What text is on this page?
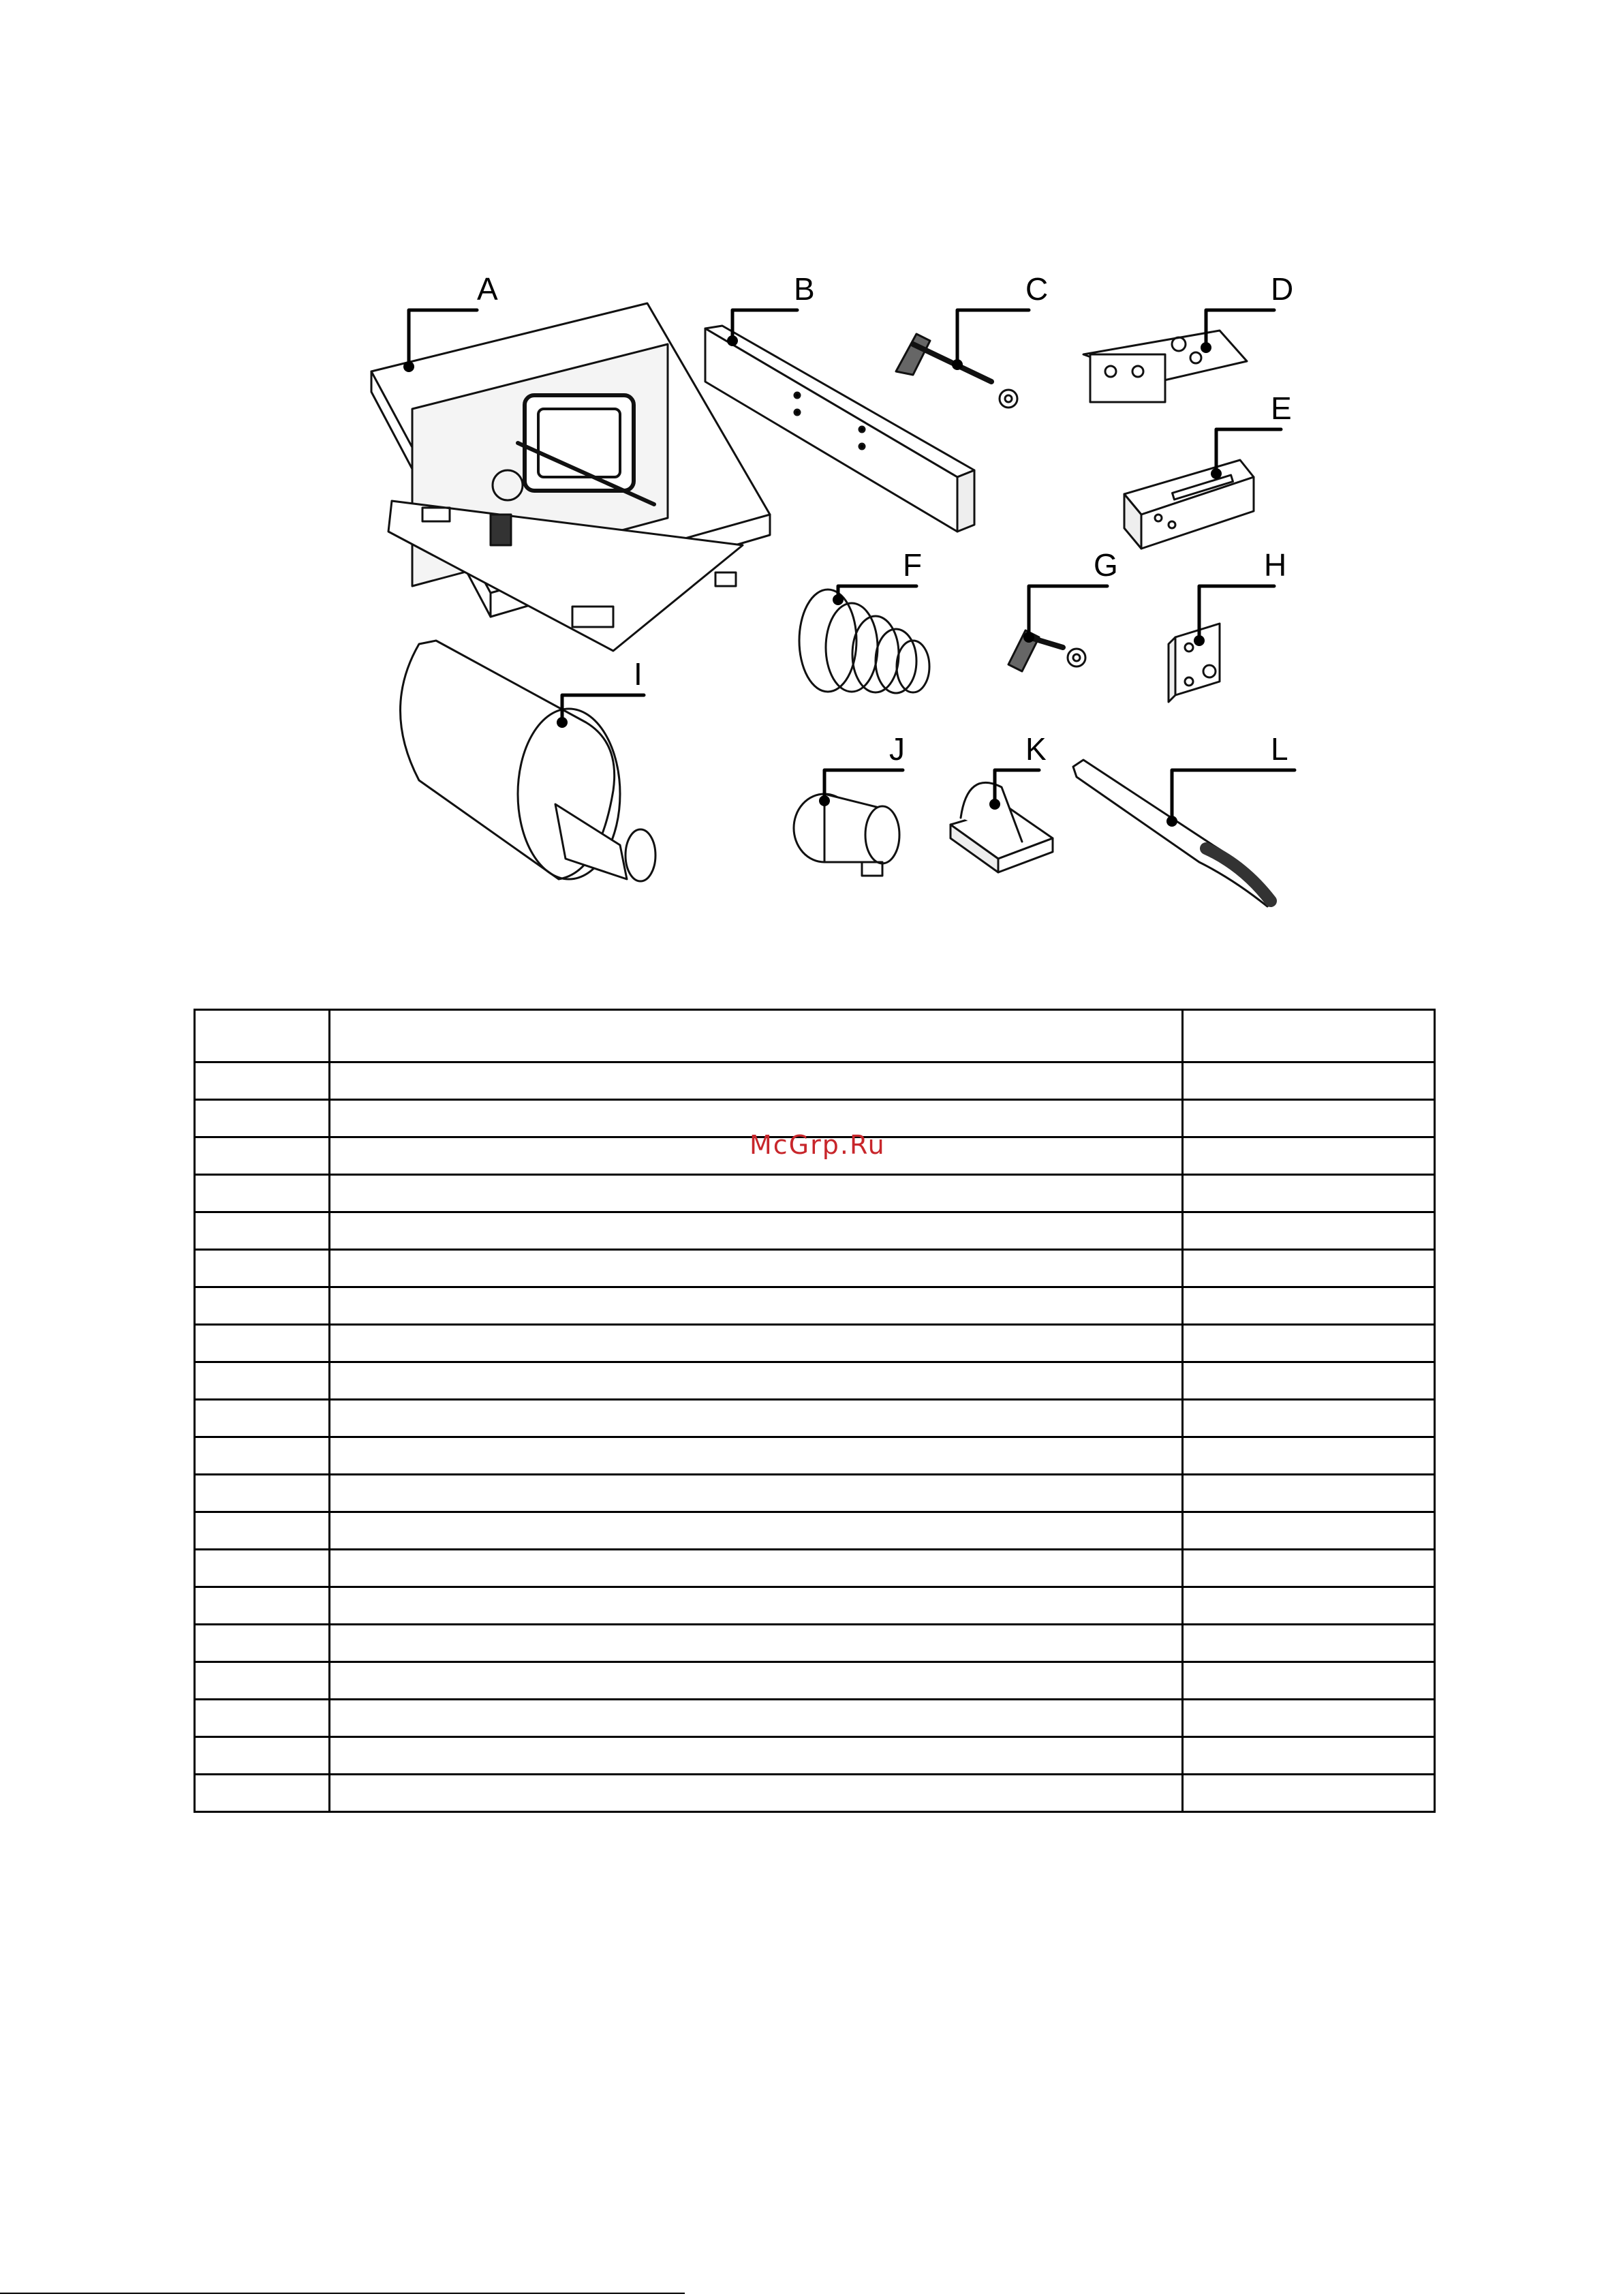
A	B	C	D
E
F	G	H
I
J	K	L

McGrp.Ru
